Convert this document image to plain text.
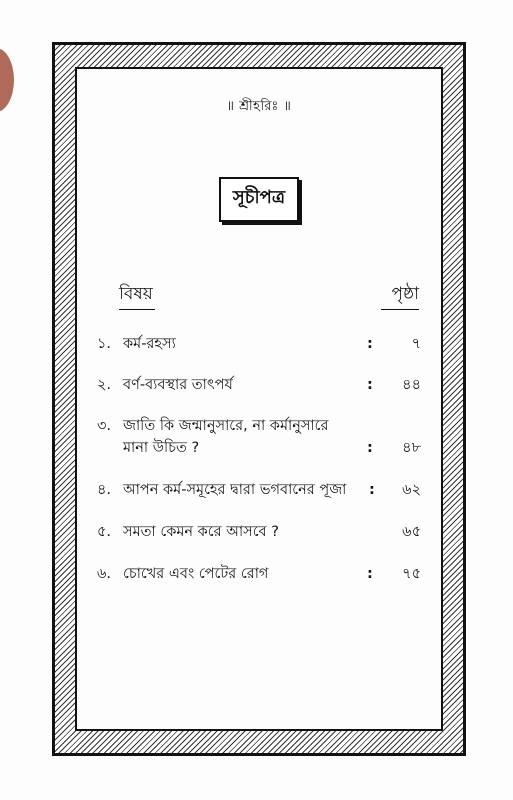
॥ শ্রীহরিঃ ॥
সূচীপত্র
বিষয়	পৃষ্ঠা
১. কর্ম-রহস্য	:	৭
২. বর্ণ-ব্যবস্থার তাৎপর্য	: ৪৪
৩. জাতি কি জন্মানুসারে, না কর্মানুসারে
মানা উচিত ?	: ৪৮
৪. আপন কর্ম-সমূহের দ্বারা ভগবানের পূজা : ৬২
৫. সমতা কেমন করে আসবে ?	৬৫
৬. চোখের এবং পেটের রোগ	: ৭৫
